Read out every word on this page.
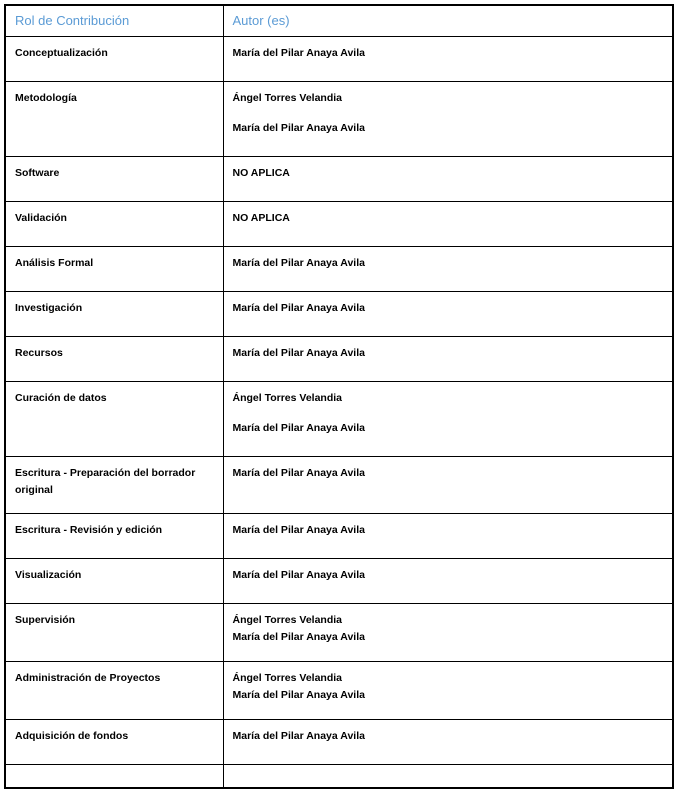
Rol de Contribución	Autor (es)
Conceptualización	María del Pilar Anaya Avila

Metodología	Ángel Torres Velandia
María del Pilar Anaya Avila

Software	NO APLICA

Validación	NO APLICA

Análisis Formal	María del Pilar Anaya Avila

Investigación	María del Pilar Anaya Avila

Recursos	María del Pilar Anaya Avila

Curación de datos	Ángel Torres Velandia
María del Pilar Anaya Avila

Escritura - Preparación del borrador original	María del Pilar Anaya Avila

Escritura - Revisión y edición	María del Pilar Anaya Avila

Visualización	María del Pilar Anaya Avila

Supervisión	Ángel Torres Velandia
María del Pilar Anaya Avila

Administración de Proyectos	Ángel Torres Velandia
María del Pilar Anaya Avila

Adquisición de fondos	María del Pilar Anaya Avila
